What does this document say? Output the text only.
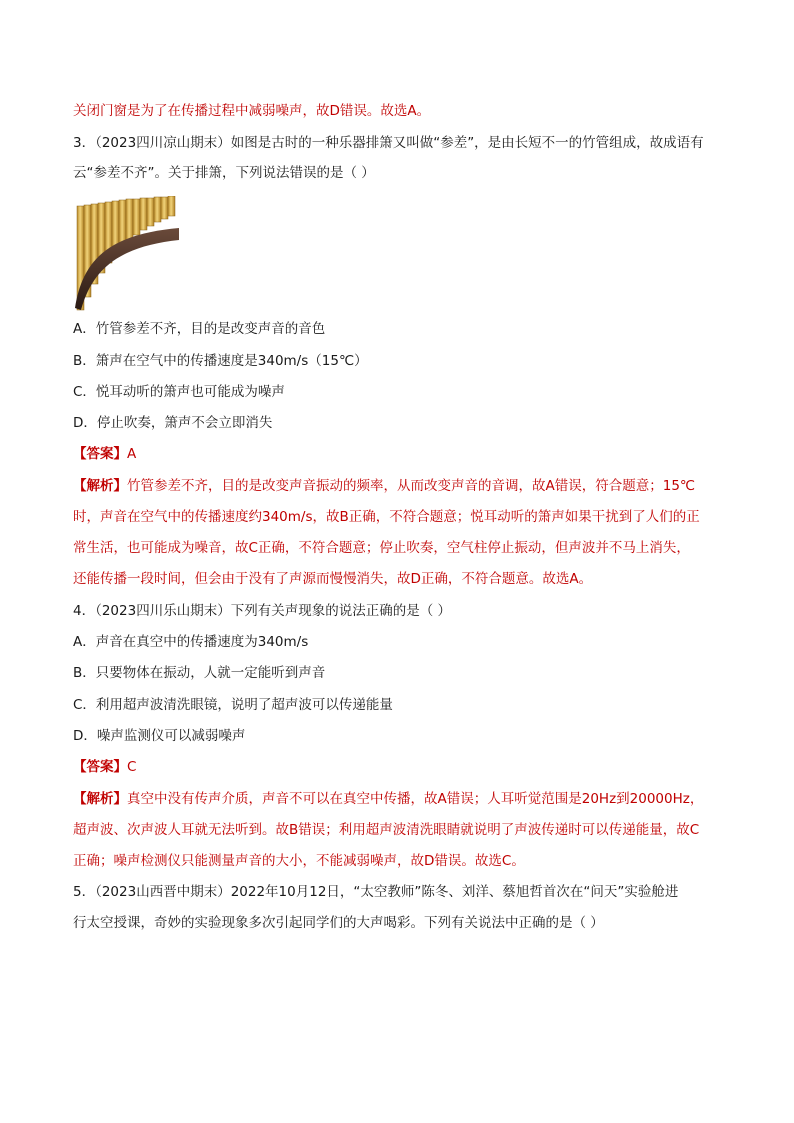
关闭门窗是为了在传播过程中减弱噪声，故D错误。故选A。
3．（2023四川凉山期末）如图是古时的一种乐器排箫又叫做“参差”，是由长短不一的竹管组成，故成语有
云“参差不齐”。关于排箫，下列说法错误的是（ ）
A．竹管参差不齐，目的是改变声音的音色
B．箫声在空气中的传播速度是340m/s（15℃）
C．悦耳动听的箫声也可能成为噪声
D．停止吹奏，箫声不会立即消失
【答案】A
【解析】竹管参差不齐，目的是改变声音振动的频率，从而改变声音的音调，故A错误，符合题意；15℃
时，声音在空气中的传播速度约340m/s，故B正确，不符合题意；悦耳动听的箫声如果干扰到了人们的正
常生活，也可能成为噪音，故C正确，不符合题意；停止吹奏，空气柱停止振动，但声波并不马上消失，
还能传播一段时间，但会由于没有了声源而慢慢消失，故D正确，不符合题意。故选A。
4．（2023四川乐山期末）下列有关声现象的说法正确的是（ ）
A．声音在真空中的传播速度为340m/s
B．只要物体在振动，人就一定能听到声音
C．利用超声波清洗眼镜，说明了超声波可以传递能量
D．噪声监测仪可以减弱噪声
【答案】C
【解析】真空中没有传声介质，声音不可以在真空中传播，故A错误；人耳听觉范围是20Hz到20000Hz，
超声波、次声波人耳就无法听到。故B错误；利用超声波清洗眼睛就说明了声波传递时可以传递能量，故C
正确；噪声检测仪只能测量声音的大小，不能减弱噪声，故D错误。故选C。
5．（2023山西晋中期末）2022年10月12日，“太空教师”陈冬、刘洋、蔡旭哲首次在“问天”实验舱进
行太空授课，奇妙的实验现象多次引起同学们的大声喝彩。下列有关说法中正确的是（ ）
